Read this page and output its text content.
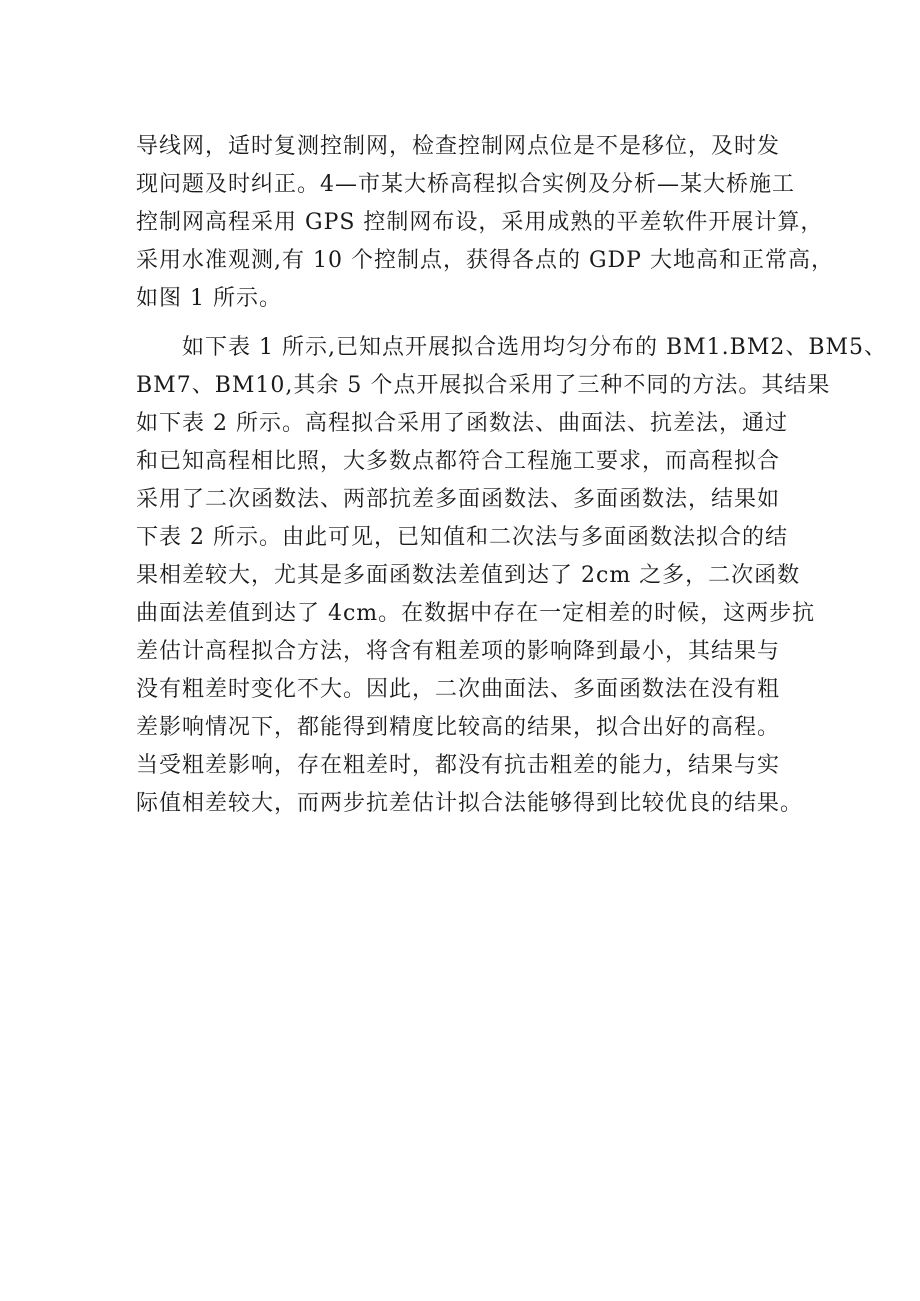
导线网，适时复测控制网，检查控制网点位是不是移位，及时发
现问题及时纠正。4—市某大桥高程拟合实例及分析—某大桥施工
控制网高程采用 GPS 控制网布设，采用成熟的平差软件开展计算，
采用水准观测,有 10 个控制点，获得各点的 GDP 大地高和正常高，
如图 1 所示。
如下表 1 所示,已知点开展拟合选用均匀分布的 BM1.BM2、BM5、
BM7、BM10,其余 5 个点开展拟合采用了三种不同的方法。其结果
如下表 2 所示。高程拟合采用了函数法、曲面法、抗差法，通过
和已知高程相比照，大多数点都符合工程施工要求，而高程拟合
采用了二次函数法、两部抗差多面函数法、多面函数法，结果如
下表 2 所示。由此可见，已知值和二次法与多面函数法拟合的结
果相差较大，尤其是多面函数法差值到达了 2cm 之多，二次函数
曲面法差值到达了 4cm。在数据中存在一定相差的时候，这两步抗
差估计高程拟合方法，将含有粗差项的影响降到最小，其结果与
没有粗差时变化不大。因此，二次曲面法、多面函数法在没有粗
差影响情况下，都能得到精度比较高的结果，拟合出好的高程。
当受粗差影响，存在粗差时，都没有抗击粗差的能力，结果与实
际值相差较大，而两步抗差估计拟合法能够得到比较优良的结果。
